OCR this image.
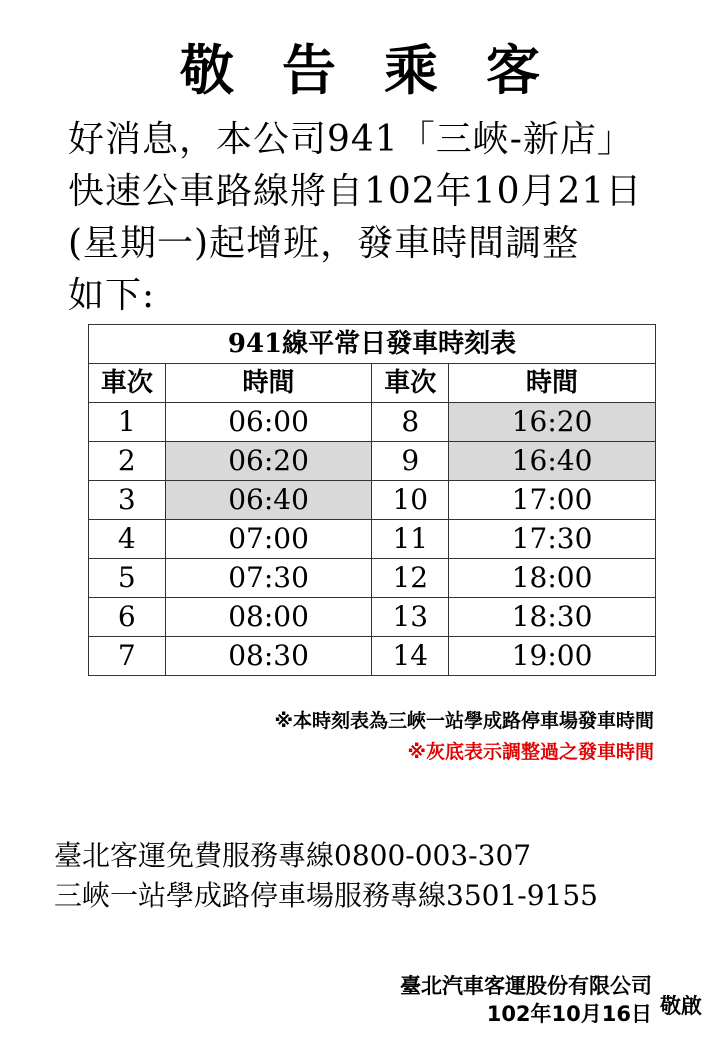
敬告乘客
好消息，本公司941「三峽-新店」
快速公車路線將自102年10月21日
(星期一)起增班，發車時間調整
如下:
941線平常日發車時刻表			
車次	時間	車次	時間
1	06:00	8	16:20
2	06:20	9	16:40
3	06:40	10	17:00
4	07:00	11	17:30
5	07:30	12	18:00
6	08:00	13	18:30
7	08:30	14	19:00
※本時刻表為三峽一站學成路停車場發車時間
※灰底表示調整過之發車時間
臺北客運免費服務專線0800-003-307
三峽一站學成路停車場服務專線3501-9155
臺北汽車客運股份有限公司
102年10月16日 敬啟
